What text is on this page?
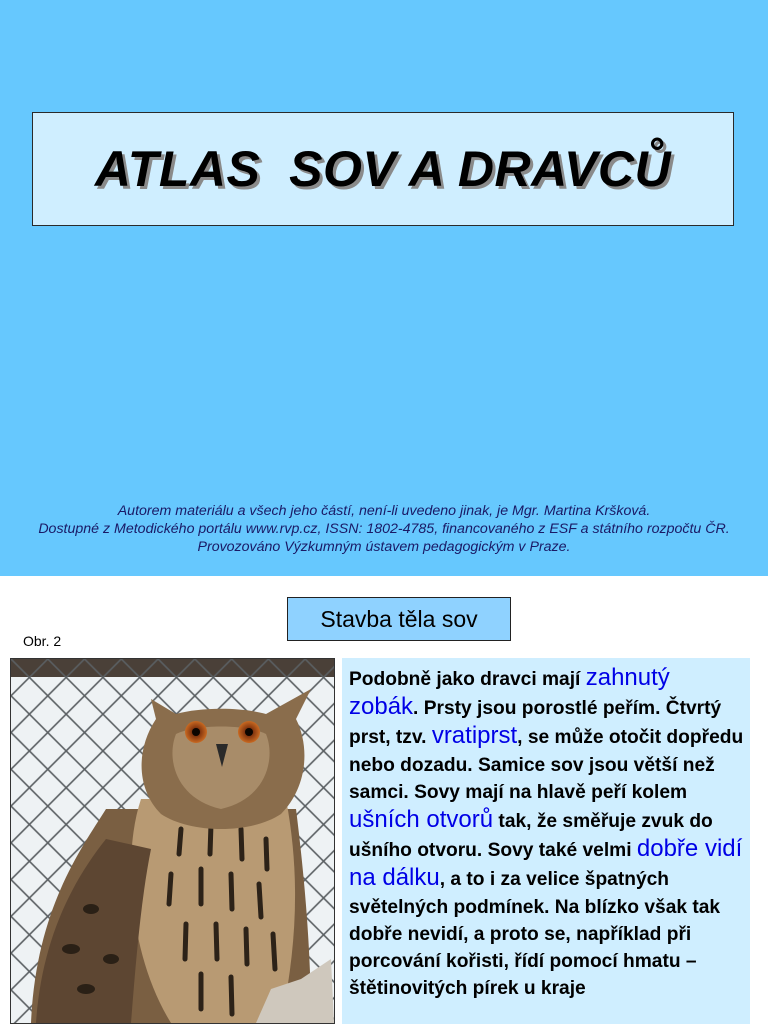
ATLAS  SOV A DRAVCŮ
Autorem materiálu a všech jeho částí, není-li uvedeno jinak, je Mgr. Martina Kršková.
Dostupné z Metodického portálu www.rvp.cz, ISSN: 1802-4785, financovaného z ESF a státního rozpočtu ČR.
Provozováno Výzkumným ústavem pedagogickým v Praze.
Stavba těla sov
Obr. 2
Podobně jako dravci mají zahnutý zobák. Prsty jsou porostlé peřím. Čtvrtý prst, tzv. vratiprst, se může otočit dopředu nebo dozadu. Samice sov jsou větší než samci. Sovy mají na hlavě peří kolem ušních otvorů tak, že směřuje zvuk do ušního otvoru. Sovy také velmi dobře vidí na dálku, a to i za velice špatných světelných podmínek. Na blízko však tak dobře nevidí, a proto se, například při porcování kořisti, řídí pomocí hmatu – štětinovitých pírek u kraje
